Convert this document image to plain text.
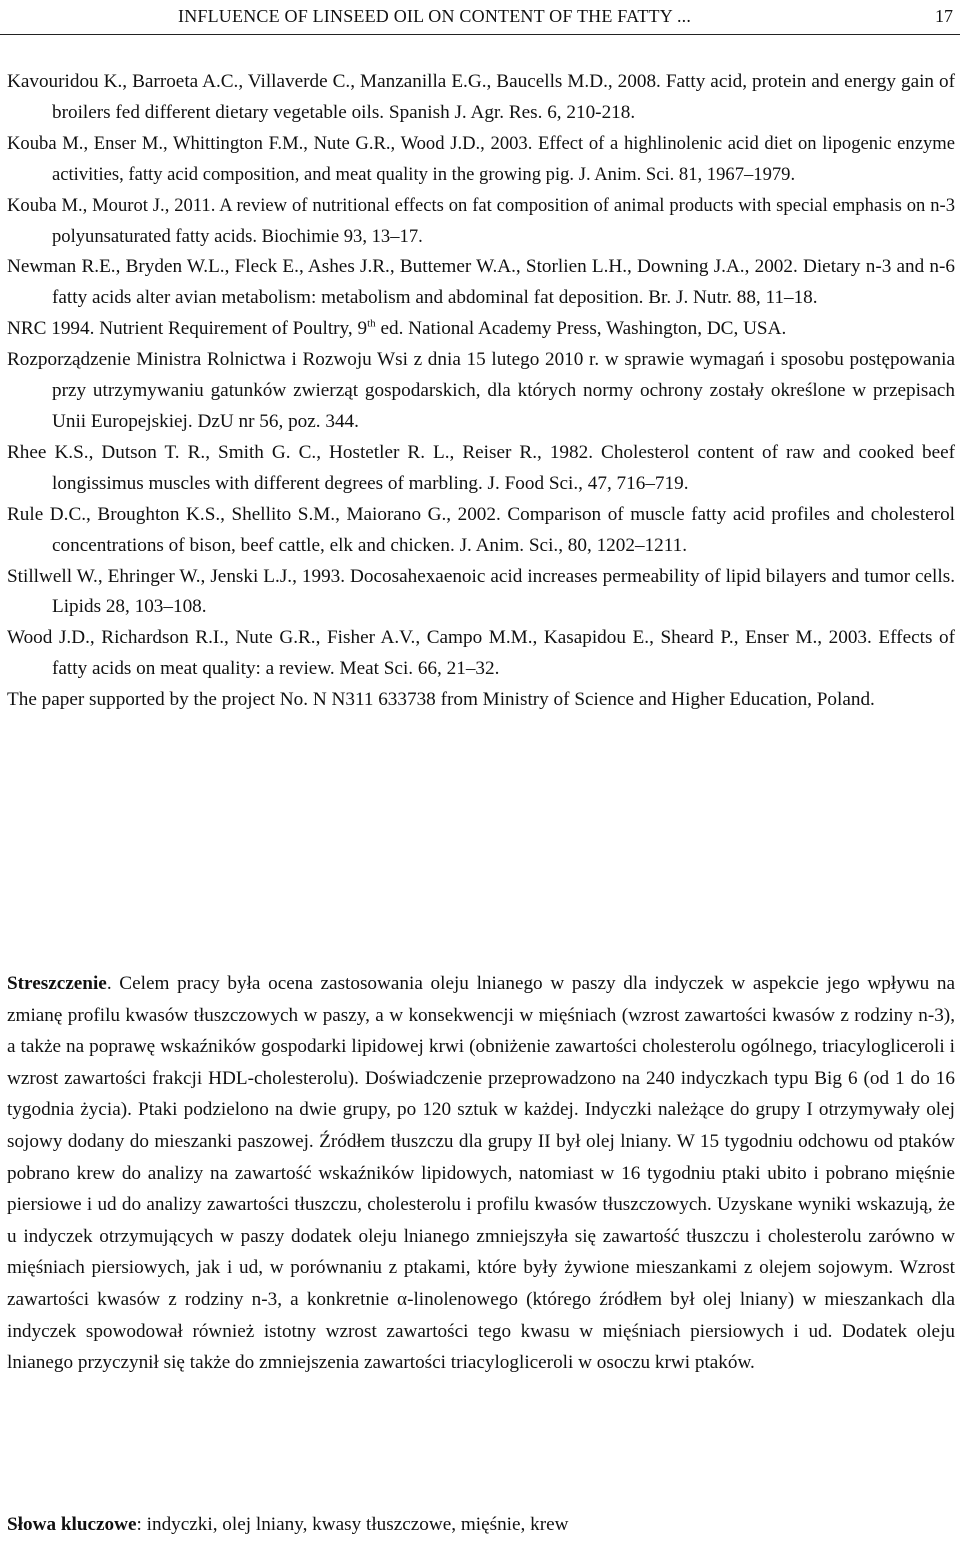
INFLUENCE OF LINSEED OIL ON CONTENT OF THE FATTY ...	17

Kavouridou K., Barroeta A.C., Villaverde C., Manzanilla E.G., Baucells M.D., 2008. Fatty acid, protein and energy gain of broilers fed different dietary vegetable oils. Spanish J. Agr. Res. 6, 210-218.

Kouba M., Enser M., Whittington F.M., Nute G.R., Wood J.D., 2003. Effect of a highlinolenic acid diet on lipogenic enzyme activities, fatty acid composition, and meat quality in the growing pig. J. Anim. Sci. 81, 1967–1979.

Kouba M., Mourot J., 2011. A review of nutritional effects on fat composition of animal products with special emphasis on n-3 polyunsaturated fatty acids. Biochimie 93, 13–17.

Newman R.E., Bryden W.L., Fleck E., Ashes J.R., Buttemer W.A., Storlien L.H., Downing J.A., 2002. Dietary n-3 and n-6 fatty acids alter avian metabolism: metabolism and abdominal fat deposition. Br. J. Nutr. 88, 11–18.

NRC 1994. Nutrient Requirement of Poultry, 9th ed. National Academy Press, Washington, DC, USA.

Rozporządzenie Ministra Rolnictwa i Rozwoju Wsi z dnia 15 lutego 2010 r. w sprawie wymagań i sposobu postępowania przy utrzymywaniu gatunków zwierząt gospodarskich, dla których normy ochrony zostały określone w przepisach Unii Europejskiej. DzU nr 56, poz. 344.

Rhee K.S., Dutson T. R., Smith G. C., Hostetler R. L., Reiser R., 1982. Cholesterol content of raw and cooked beef longissimus muscles with different degrees of marbling. J. Food Sci., 47, 716–719.

Rule D.C., Broughton K.S., Shellito S.M., Maiorano G., 2002. Comparison of muscle fatty acid profiles and cholesterol concentrations of bison, beef cattle, elk and chicken. J. Anim. Sci., 80, 1202–1211.

Stillwell W., Ehringer W., Jenski L.J., 1993. Docosahexaenoic acid increases permeability of lipid bilayers and tumor cells. Lipids 28, 103–108.

Wood J.D., Richardson R.I., Nute G.R., Fisher A.V., Campo M.M., Kasapidou E., Sheard P., Enser M., 2003. Effects of fatty acids on meat quality: a review. Meat Sci. 66, 21–32.

The paper supported by the project No. N N311 633738 from Ministry of Science and Higher Education, Poland.

Streszczenie. Celem pracy była ocena zastosowania oleju lnianego w paszy dla indyczek w aspekcie jego wpływu na zmianę profilu kwasów tłuszczowych w paszy, a w konsekwencji w mięśniach (wzrost zawartości kwasów z rodziny n-3), a także na poprawę wskaźników gospodarki lipidowej krwi (obniżenie zawartości cholesterolu ogólnego, triacylogliceroli i wzrost zawartości frakcji HDL-cholesterolu). Doświadczenie przeprowadzono na 240 indyczkach typu Big 6 (od 1 do 16 tygodnia życia). Ptaki podzielono na dwie grupy, po 120 sztuk w każdej. Indyczki należące do grupy I otrzymywały olej sojowy dodany do mieszanki paszowej. Źródłem tłuszczu dla grupy II był olej lniany. W 15 tygodniu odchowu od ptaków pobrano krew do analizy na zawartość wskaźników lipidowych, natomiast w 16 tygodniu ptaki ubito i pobrano mięśnie piersiowe i ud do analizy zawartości tłuszczu, cholesterolu i profilu kwasów tłuszczowych. Uzyskane wyniki wskazują, że u indyczek otrzymujących w paszy dodatek oleju lnianego zmniejszyła się zawartość tłuszczu i cholesterolu zarówno w mięśniach piersiowych, jak i ud, w porównaniu z ptakami, które były żywione mieszankami z olejem sojowym. Wzrost zawartości kwasów z rodziny n-3, a konkretnie α-linolenowego (którego źródłem był olej lniany) w mieszankach dla indyczek spowodował również istotny wzrost zawartości tego kwasu w mięśniach piersiowych i ud. Dodatek oleju lnianego przyczynił się także do zmniejszenia zawartości triacylogliceroli w osoczu krwi ptaków.

Słowa kluczowe: indyczki, olej lniany, kwasy tłuszczowe, mięśnie, krew
